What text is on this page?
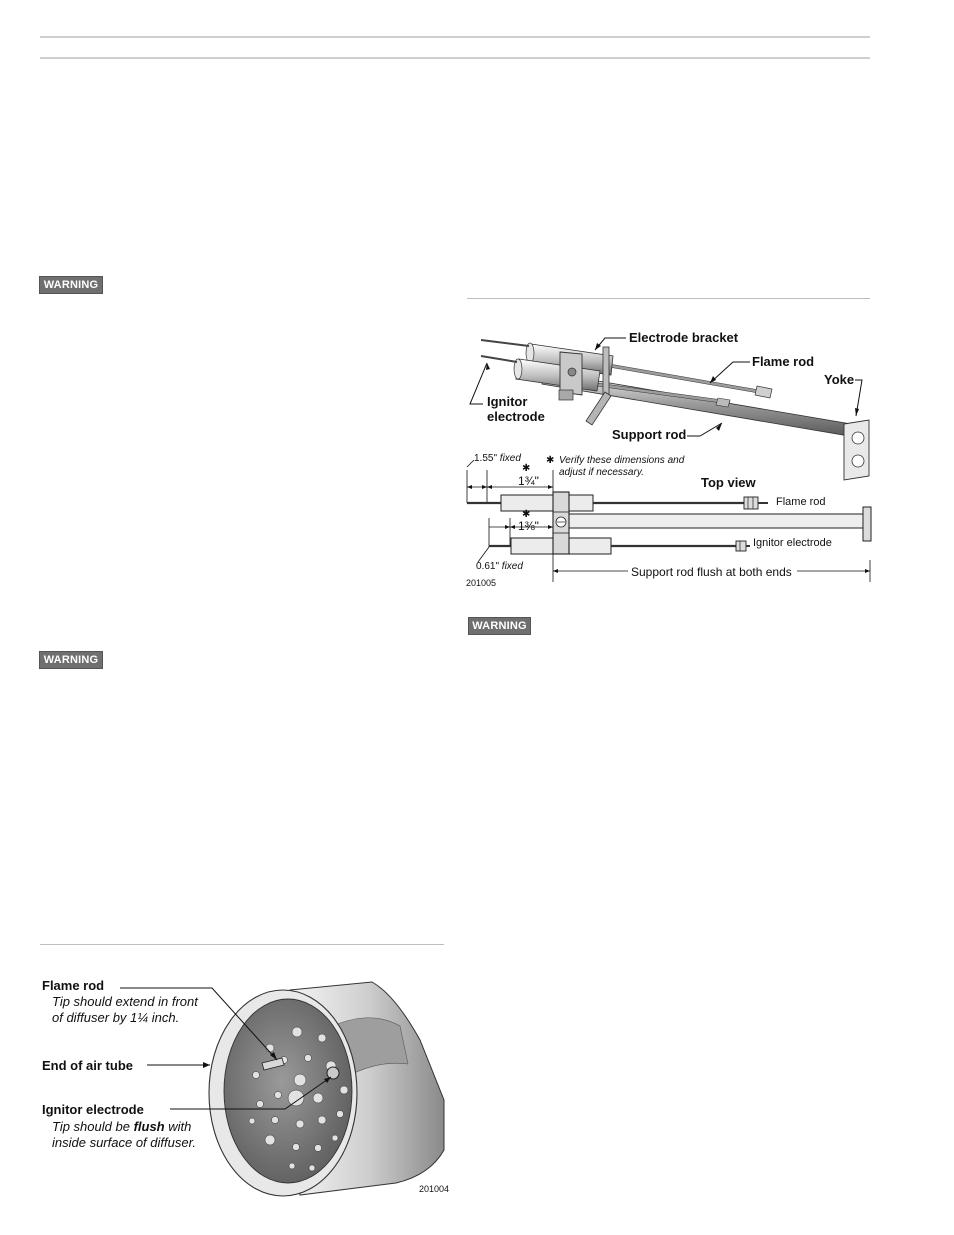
WARNING
WARNING
WARNING
Electrode bracket
Flame rod
Yoke
Ignitor
electrode
Support rod
1.55" fixed
✱
1¾"
✱ Verify these dimensions and
adjust if necessary.
Top view
Flame rod
✱
1⅜"
Ignitor electrode
0.61" fixed	Support rod flush at both ends
201005
Flame rod
Tip should extend in front
of diffuser by 1¼ inch.
End of air tube
Ignitor electrode
Tip should be flush with
inside surface of diffuser.
201004
